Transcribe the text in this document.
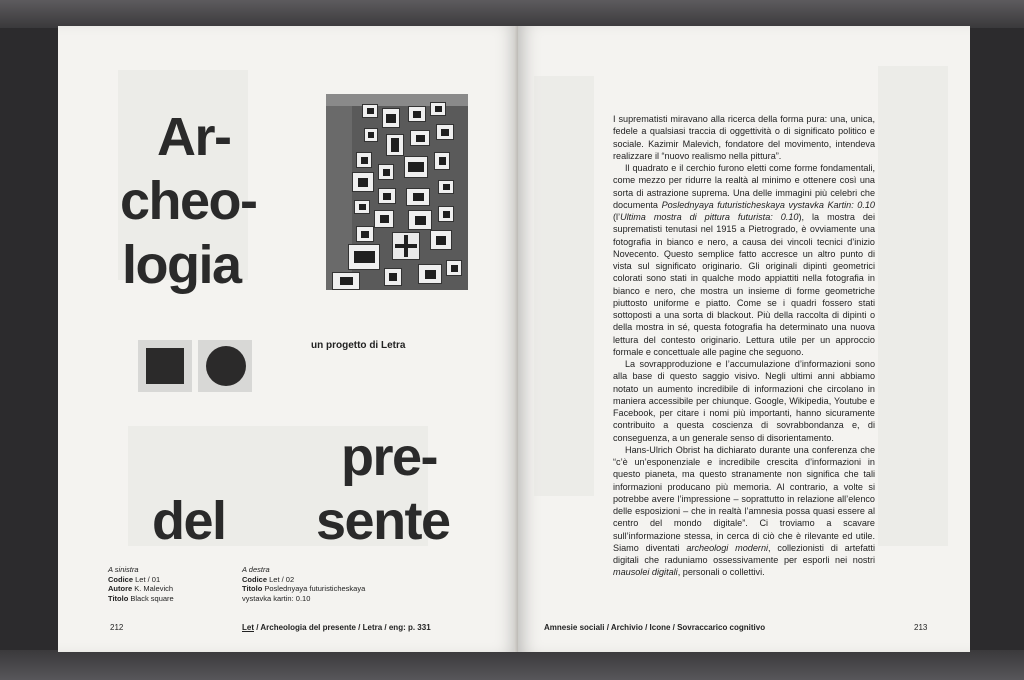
Ar-
cheo-
logia
un progetto di Letra
pre-
del sente
A sinistra
Codice Let / 01
Autore K. Malevich
Titolo Black square
A destra
Codice Let / 02
Titolo Poslednyaya futuristicheskaya
vystavka kartin: 0.10
212	Let / Archeologia del presente / Letra / eng: p. 331

I suprematisti miravano alla ricerca della forma pura: una, unica, fedele a qualsiasi traccia di oggettività o di significato politico e sociale. Kazimir Malevich, fondatore del movimento, intendeva realizzare il “nuovo realismo nella pittura”.

Il quadrato e il cerchio furono eletti come forme fondamentali, come mezzo per ridurre la realtà al minimo e ottenere così una sorta di astrazione suprema. Una delle immagini più celebri che documenta Poslednyaya futuristicheskaya vystavka Kartin: 0.10 (l’Ultima mostra di pittura futurista: 0.10), la mostra dei suprematisti tenutasi nel 1915 a Pietrogrado, è ovviamente una fotografia in bianco e nero, a causa dei vincoli tecnici d’inizio Novecento. Questo semplice fatto accresce un altro punto di vista sul significato originario. Gli originali dipinti geometrici colorati sono stati in qualche modo appiattiti nella fotografia in bianco e nero, che mostra un insieme di forme geometriche piuttosto uniforme e piatto. Come se i quadri fossero stati sottoposti a una sorta di blackout. Più della raccolta di dipinti o della mostra in sé, questa fotografia ha determinato una nuova lettura del contesto originario. Lettura utile per un approccio formale e concettuale alle pagine che seguono.

La sovrapproduzione e l’accumulazione d’informazioni sono alla base di questo saggio visivo. Negli ultimi anni abbiamo notato un aumento incredibile di informazioni che circolano in maniera accessibile per chiunque. Google, Wikipedia, Youtube e Facebook, per citare i nomi più importanti, hanno sicuramente contribuito a questa coscienza di sovrabbondanza e, di conseguenza, a un generale senso di disorientamento.

Hans-Ulrich Obrist ha dichiarato durante una conferenza che “c’è un’esponenziale e incredibile crescita d’informazioni in questo pianeta, ma questo stranamente non significa che tali informazioni producano più memoria. Al contrario, a volte si potrebbe avere l’impressione – soprattutto in relazione all’elenco delle esposizioni – che in realtà l’amnesia possa quasi essere al centro del mondo digitale”. Ci troviamo a scavare sull’informazione stessa, in cerca di ciò che è rilevante ed utile. Siamo diventati archeologi moderni, collezionisti di artefatti digitali che raduniamo ossessivamente per esporli nei nostri mausolei digitali, personali o collettivi.

Amnesie sociali / Archivio / Icone / Sovraccarico cognitivo	213
